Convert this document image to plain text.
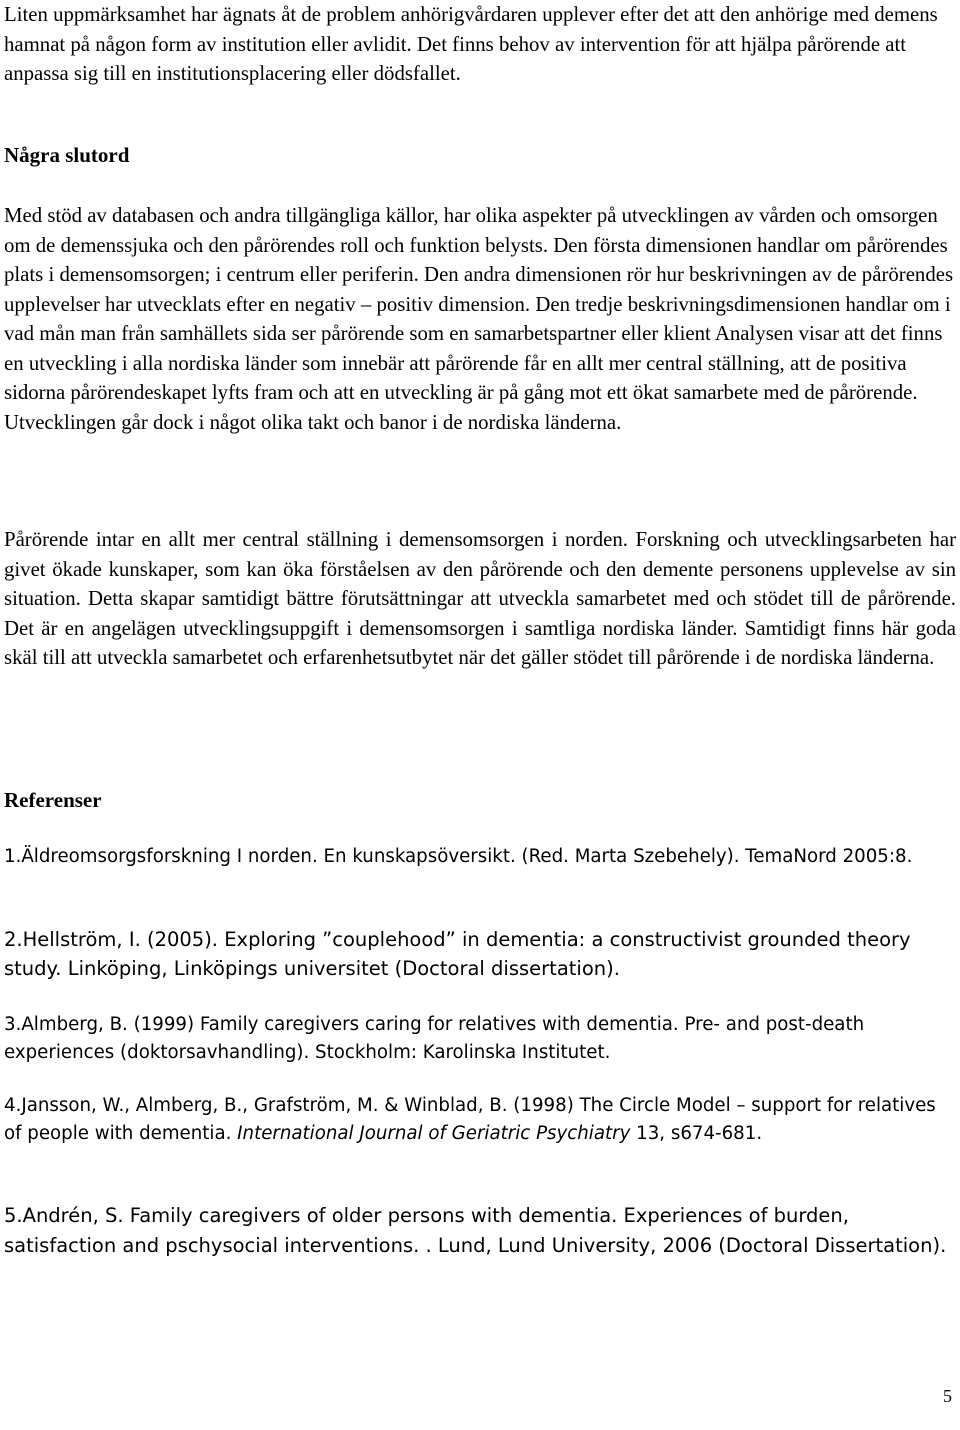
Liten uppmärksamhet har ägnats åt de problem anhörigvårdaren upplever efter det att den anhörige med demens hamnat på någon form av institution eller avlidit. Det finns behov av intervention för att hjälpa pårörende att anpassa sig till en institutionsplacering eller dödsfallet.

Några slutord

Med stöd av databasen och andra tillgängliga källor, har olika aspekter på utvecklingen av vården och omsorgen om de demenssjuka och den pårörendes roll och funktion belysts. Den första dimensionen handlar om pårörendes plats i demensomsorgen; i centrum eller periferin. Den andra dimensionen rör hur beskrivningen av de pårörendes upplevelser har utvecklats efter en negativ – positiv dimension. Den tredje beskrivningsdimensionen handlar om i vad mån man från samhällets sida ser pårörende som en samarbetspartner eller klient Analysen visar att det finns en utveckling i alla nordiska länder som innebär att pårörende får en allt mer central ställning, att de positiva sidorna pårörendeskapet lyfts fram och att en utveckling är på gång mot ett ökat samarbete med de pårörende. Utvecklingen går dock i något olika takt och banor i de nordiska länderna.

Pårörende intar en allt mer central ställning i demensomsorgen i norden. Forskning och utvecklingsarbeten har givet ökade kunskaper, som kan öka förståelsen av den pårörende och den demente personens upplevelse av sin situation. Detta skapar samtidigt bättre förutsättningar att utveckla samarbetet med och stödet till de pårörende. Det är en angelägen utvecklingsuppgift i demensomsorgen i samtliga nordiska länder. Samtidigt finns här goda skäl till att utveckla samarbetet och erfarenhetsutbytet när det gäller stödet till pårörende i de nordiska länderna.

Referenser

1.Äldreomsorgsforskning I norden. En kunskapsöversikt. (Red. Marta Szebehely). TemaNord 2005:8.

2.Hellström, I. (2005). Exploring ”couplehood” in dementia: a constructivist grounded theory study. Linköping, Linköpings universitet (Doctoral dissertation).

3.Almberg, B. (1999) Family caregivers caring for relatives with dementia. Pre- and post-death experiences (doktorsavhandling). Stockholm: Karolinska Institutet.

4.Jansson, W., Almberg, B., Grafström, M. & Winblad, B. (1998) The Circle Model – support for relatives of people with dementia. International Journal of Geriatric Psychiatry 13, s674-681.

5.Andrén, S. Family caregivers of older persons with dementia. Experiences of burden, satisfaction and pschysocial interventions. . Lund, Lund University, 2006 (Doctoral Dissertation).

5
